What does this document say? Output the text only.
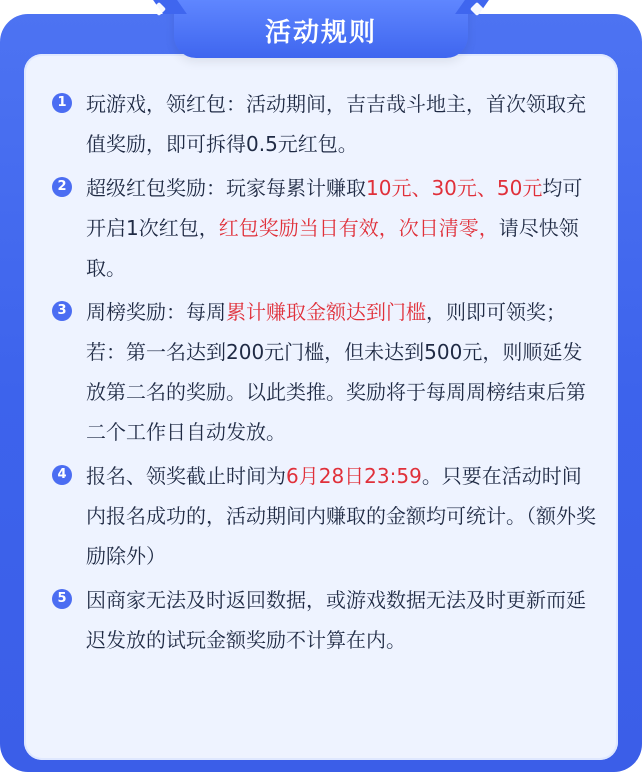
活动规则
1 玩游戏，领红包：活动期间，吉吉哉斗地主，首次领取充值奖励，即可拆得0.5元红包。
2 超级红包奖励：玩家每累计赚取10元、30元、50元均可开启1次红包，红包奖励当日有效，次日清零，请尽快领取。
3 周榜奖励：每周累计赚取金额达到门槛，则即可领奖；若：第一名达到200元门槛，但未达到500元，则顺延发放第二名的奖励。以此类推。奖励将于每周周榜结束后第二个工作日自动发放。
4 报名、领奖截止时间为6月28日23:59。只要在活动时间内报名成功的，活动期间内赚取的金额均可统计。（额外奖励除外）
5 因商家无法及时返回数据，或游戏数据无法及时更新而延迟发放的试玩金额奖励不计算在内。
